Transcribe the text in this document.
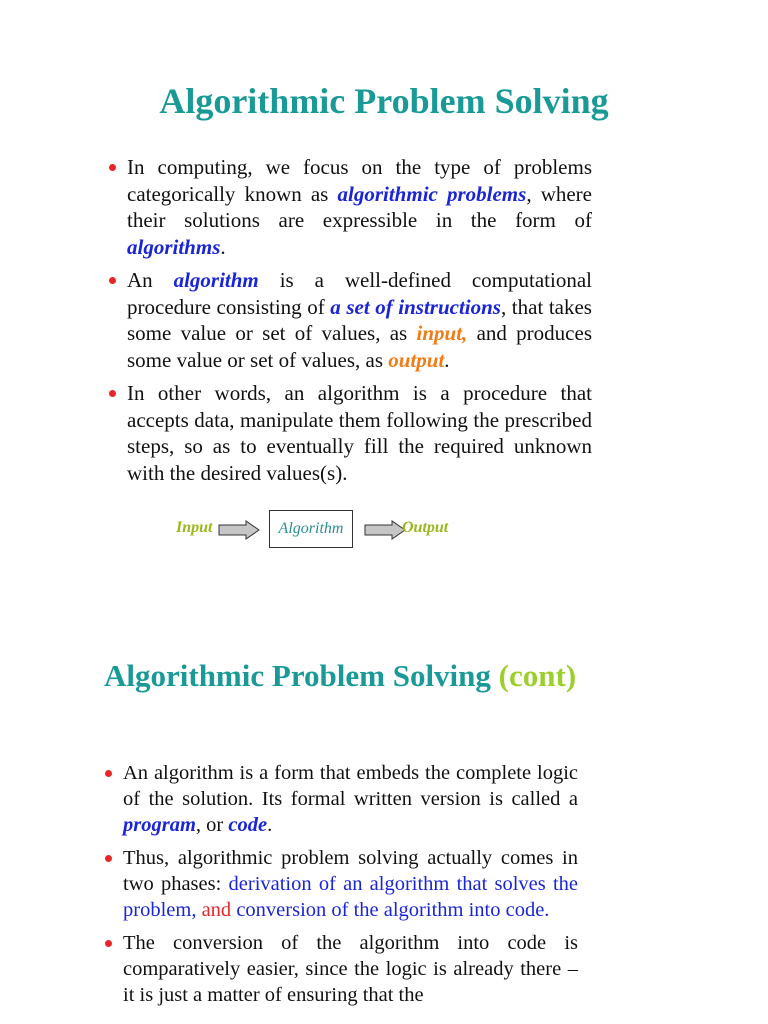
Algorithmic Problem Solving
In computing, we focus on the type of problems categorically known as algorithmic problems, where their solutions are expressible in the form of algorithms.
An algorithm is a well-defined computational procedure consisting of a set of instructions, that takes some value or set of values, as input, and produces some value or set of values, as output.
In other words, an algorithm is a procedure that accepts data, manipulate them following the prescribed steps, so as to eventually fill the required unknown with the desired values(s).
Input	Algorithm	Output
Algorithmic Problem Solving (cont)
An algorithm is a form that embeds the complete logic of the solution. Its formal written version is called a program, or code.
Thus, algorithmic problem solving actually comes in two phases: derivation of an algorithm that solves the problem, and conversion of the algorithm into code.
The conversion of the algorithm into code is comparatively easier, since the logic is already there – it is just a matter of ensuring that the
